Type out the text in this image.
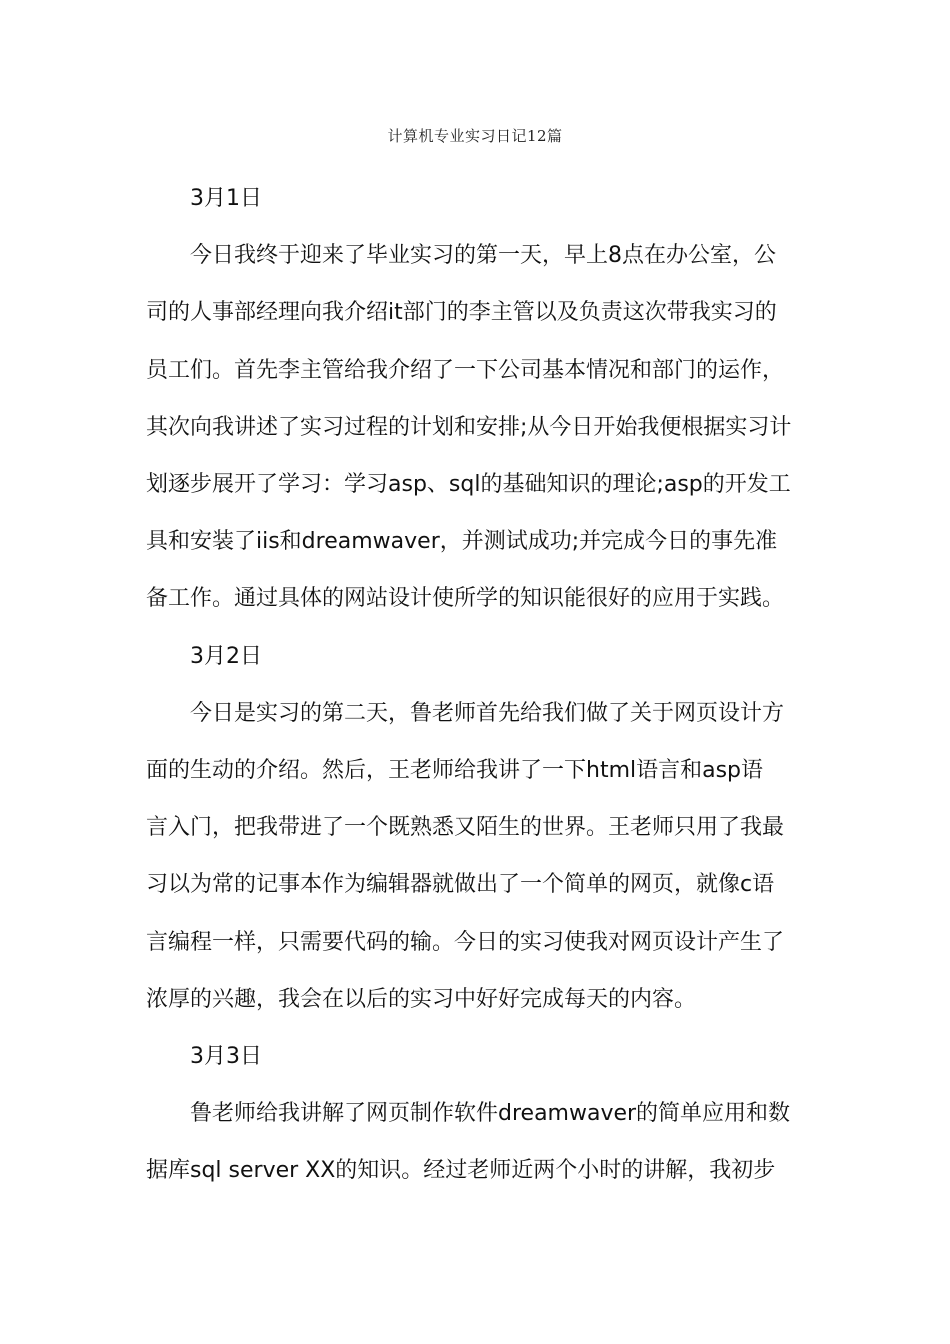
计算机专业实习日记12篇

3月1日

今日我终于迎来了毕业实习的第一天，早上8点在办公室，公

司的人事部经理向我介绍it部门的李主管以及负责这次带我实习的

员工们。首先李主管给我介绍了一下公司基本情况和部门的运作，

其次向我讲述了实习过程的计划和安排;从今日开始我便根据实习计

划逐步展开了学习：学习asp、sql的基础知识的理论;asp的开发工

具和安装了iis和dreamwaver，并测试成功;并完成今日的事先准

备工作。通过具体的网站设计使所学的知识能很好的应用于实践。

3月2日

今日是实习的第二天，鲁老师首先给我们做了关于网页设计方

面的生动的介绍。然后，王老师给我讲了一下html语言和asp语

言入门，把我带进了一个既熟悉又陌生的世界。王老师只用了我最

习以为常的记事本作为编辑器就做出了一个简单的网页，就像c语

言编程一样，只需要代码的输。今日的实习使我对网页设计产生了

浓厚的兴趣，我会在以后的实习中好好完成每天的内容。

3月3日

鲁老师给我讲解了网页制作软件dreamwaver的简单应用和数

据库sql server XX的知识。经过老师近两个小时的讲解，我初步
